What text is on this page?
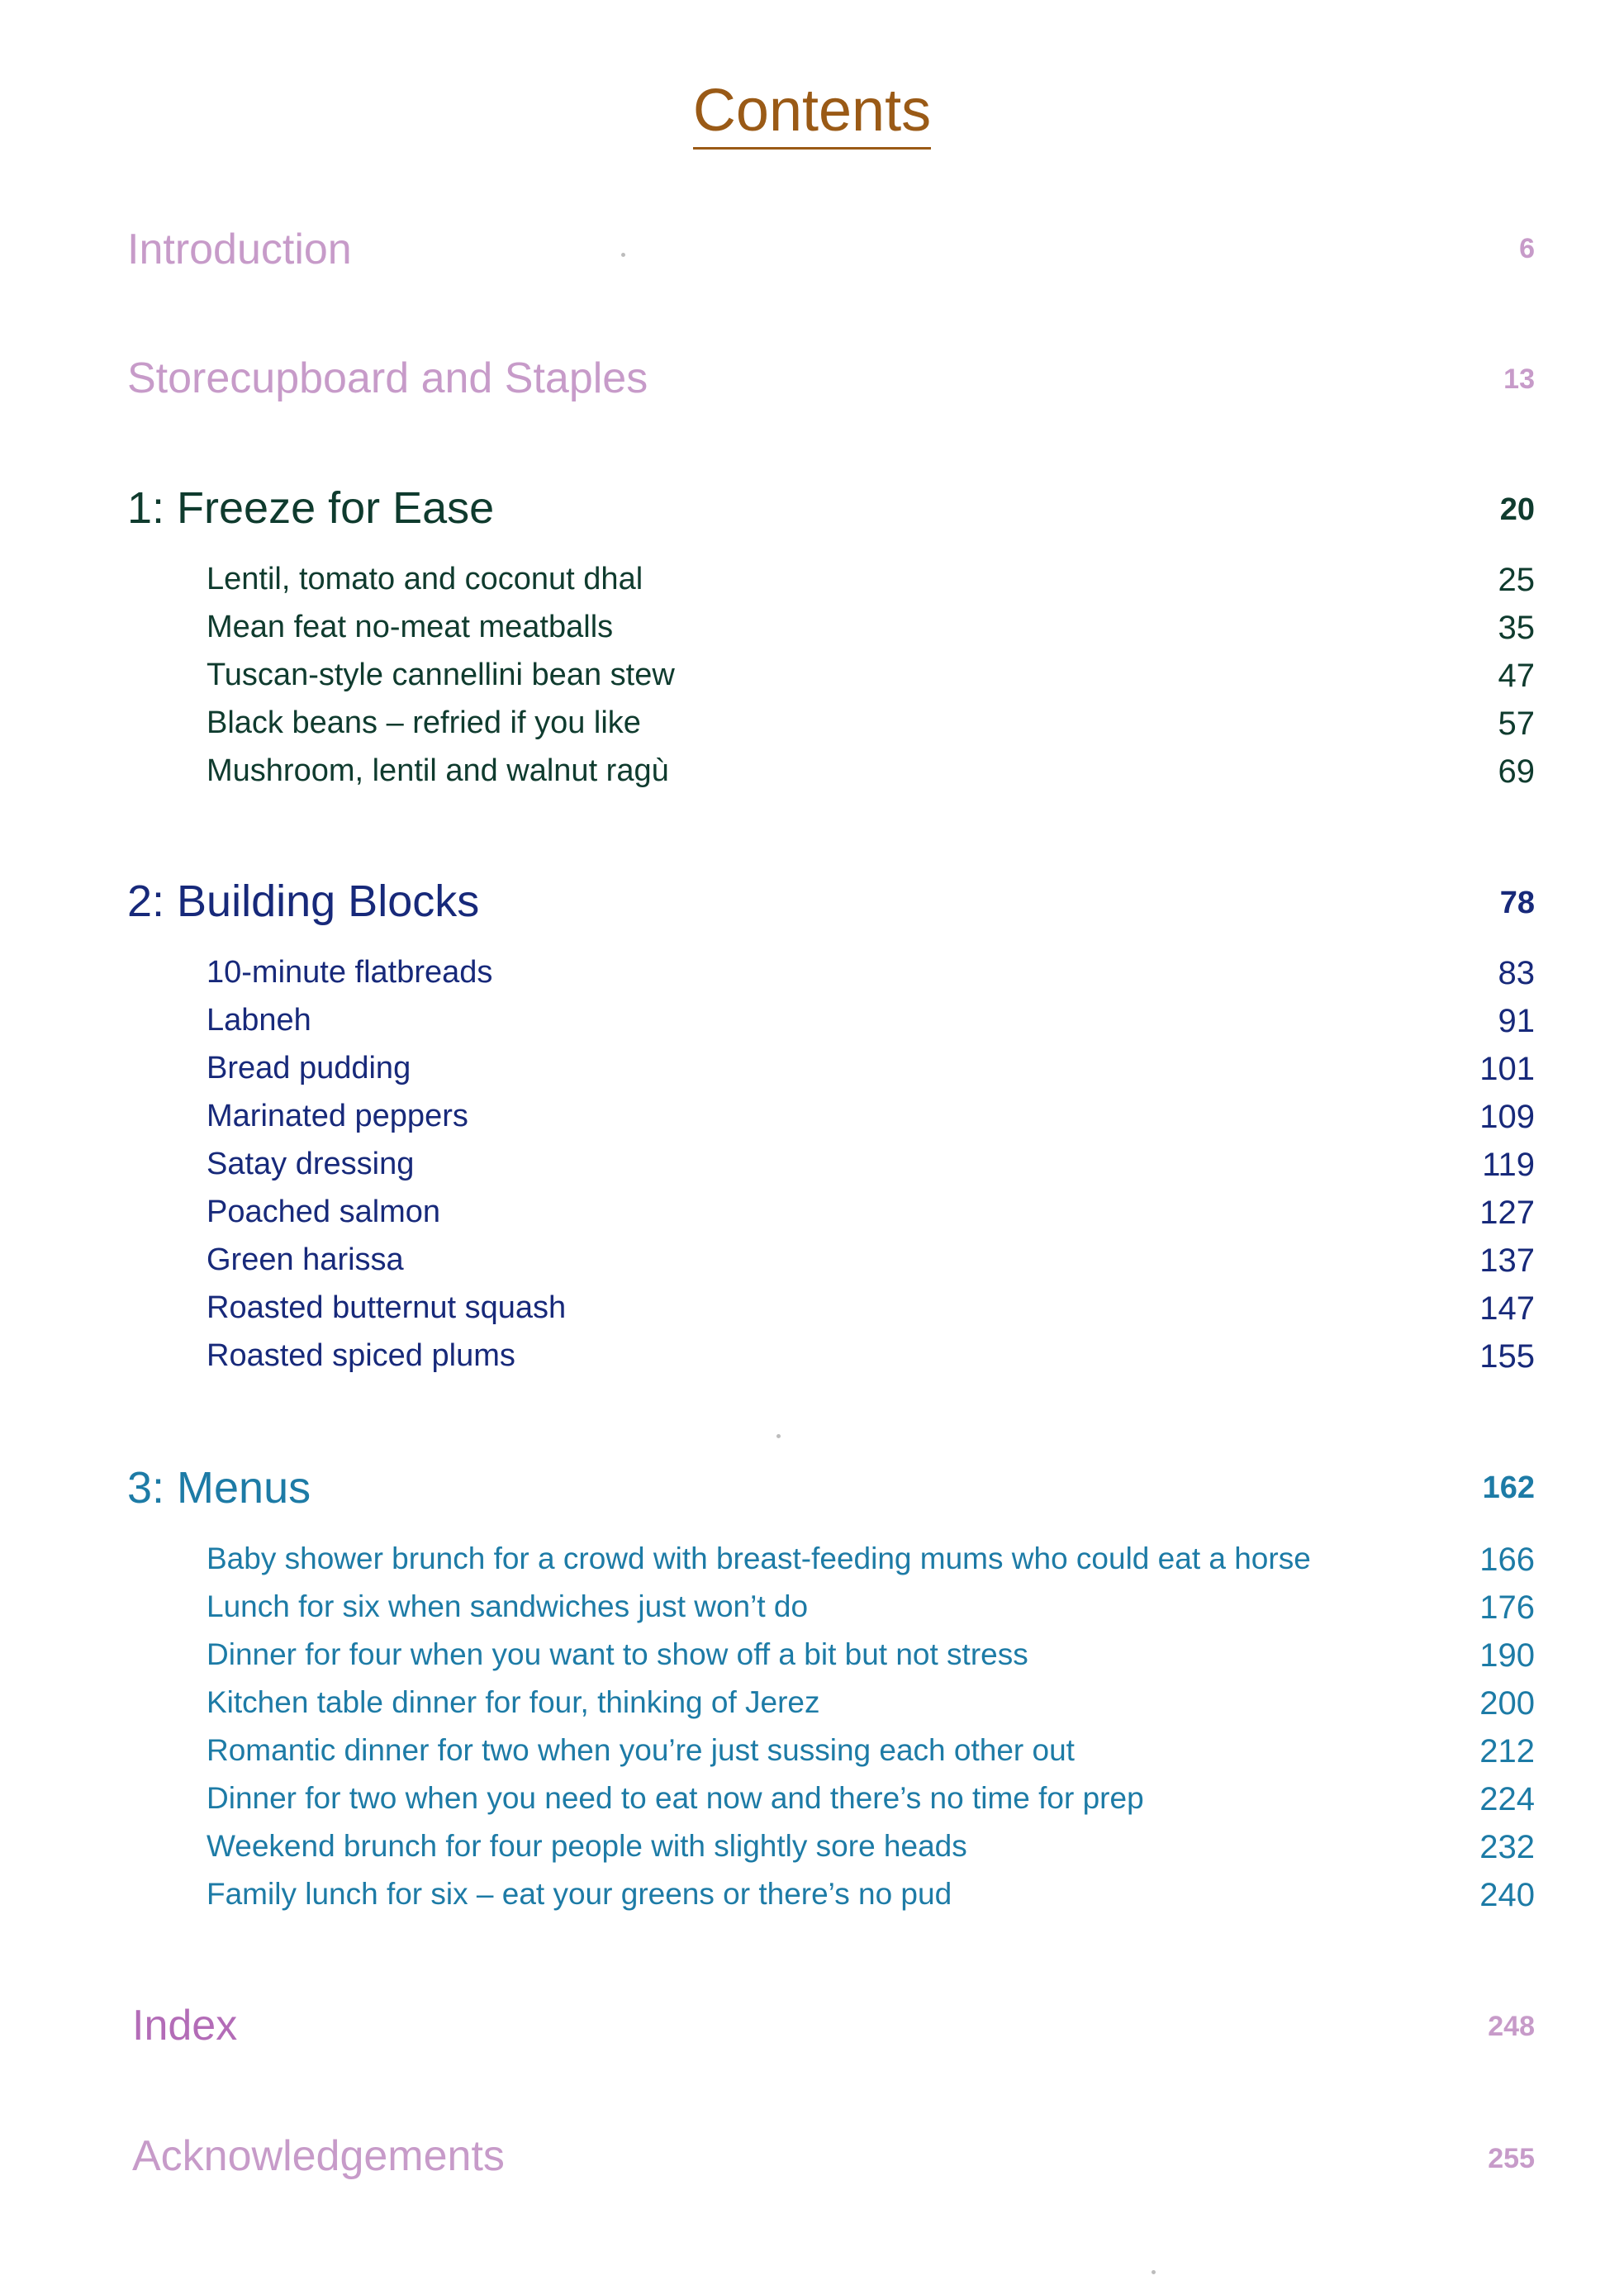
Contents
Introduction	6
Storecupboard and Staples	13
1: Freeze for Ease	20
Lentil, tomato and coconut dhal	25
Mean feat no-meat meatballs	35
Tuscan-style cannellini bean stew	47
Black beans – refried if you like	57
Mushroom, lentil and walnut ragù	69
2: Building Blocks	78
10-minute flatbreads	83
Labneh	91
Bread pudding	101
Marinated peppers	109
Satay dressing	119
Poached salmon	127
Green harissa	137
Roasted butternut squash	147
Roasted spiced plums	155
3: Menus	162
Baby shower brunch for a crowd with breast-feeding mums who could eat a horse	166
Lunch for six when sandwiches just won’t do	176
Dinner for four when you want to show off a bit but not stress	190
Kitchen table dinner for four, thinking of Jerez	200
Romantic dinner for two when you’re just sussing each other out	212
Dinner for two when you need to eat now and there’s no time for prep	224
Weekend brunch for four people with slightly sore heads	232
Family lunch for six – eat your greens or there’s no pud	240
Index	248
Acknowledgements	255
